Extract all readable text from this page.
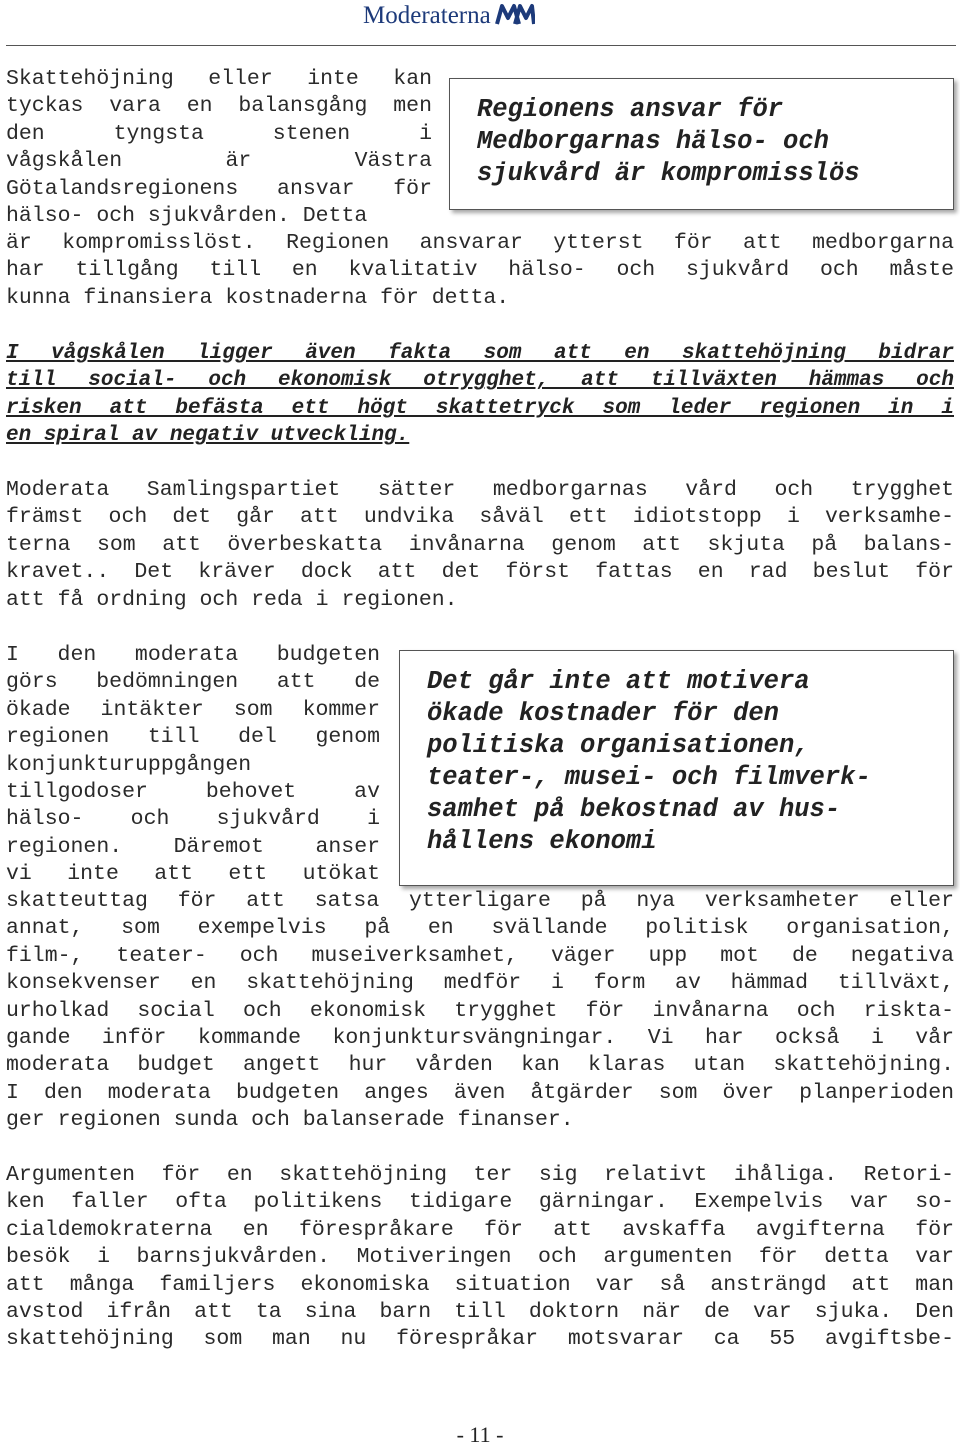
Moderaterna
Regionens ansvar för
Medborgarnas hälso- och
sjukvård är kompromisslös
Skattehöjning eller inte kan
tyckas vara en balansgång men
den tyngsta stenen i
vågskålen är Västra
Götalandsregionens ansvar för
hälso- och sjukvården. Detta
är kompromisslöst. Regionen ansvarar ytterst för att medborgarna
har tillgång till en kvalitativ hälso- och sjukvård och måste
kunna finansiera kostnaderna för detta.
I vågskålen ligger även fakta som att en skattehöjning bidrar
till social- och ekonomisk otrygghet, att tillväxten hämmas och
risken att befästa ett högt skattetryck som leder regionen in i
en spiral av negativ utveckling.
Moderata Samlingspartiet sätter medborgarnas vård och trygghet
främst och det går att undvika såväl ett idiotstopp i verksamhe-
terna som att överbeskatta invånarna genom att skjuta på balans-
kravet.. Det kräver dock att det först fattas en rad beslut för
att få ordning och reda i regionen.
Det går inte att motivera
ökade kostnader för den
politiska organisationen,
teater-, musei- och filmverk-
samhet på bekostnad av hus-
hållens ekonomi
I den moderata budgeten
görs bedömningen att de
ökade intäkter som kommer
regionen till del genom
konjunkturuppgången
tillgodoser behovet av
hälso- och sjukvård i
regionen. Däremot anser
vi inte att ett utökat
skatteuttag för att satsa ytterligare på nya verksamheter eller
annat, som exempelvis på en svällande politisk organisation,
film-, teater- och museiverksamhet, väger upp mot de negativa
konsekvenser en skattehöjning medför i form av hämmad tillväxt,
urholkad social och ekonomisk trygghet för invånarna och riskta-
gande inför kommande konjunktursvängningar. Vi har också i vår
moderata budget angett hur vården kan klaras utan skattehöjning.
I den moderata budgeten anges även åtgärder som över planperioden
ger regionen sunda och balanserade finanser.
Argumenten för en skattehöjning ter sig relativt ihåliga. Retori-
ken faller ofta politikens tidigare gärningar. Exempelvis var so-
cialdemokraterna en förespråkare för att avskaffa avgifterna för
besök i barnsjukvården. Motiveringen och argumenten för detta var
att många familjers ekonomiska situation var så ansträngd att man
avstod ifrån att ta sina barn till doktorn när de var sjuka. Den
skattehöjning som man nu förespråkar motsvarar ca 55 avgiftsbe-
- 11 -
